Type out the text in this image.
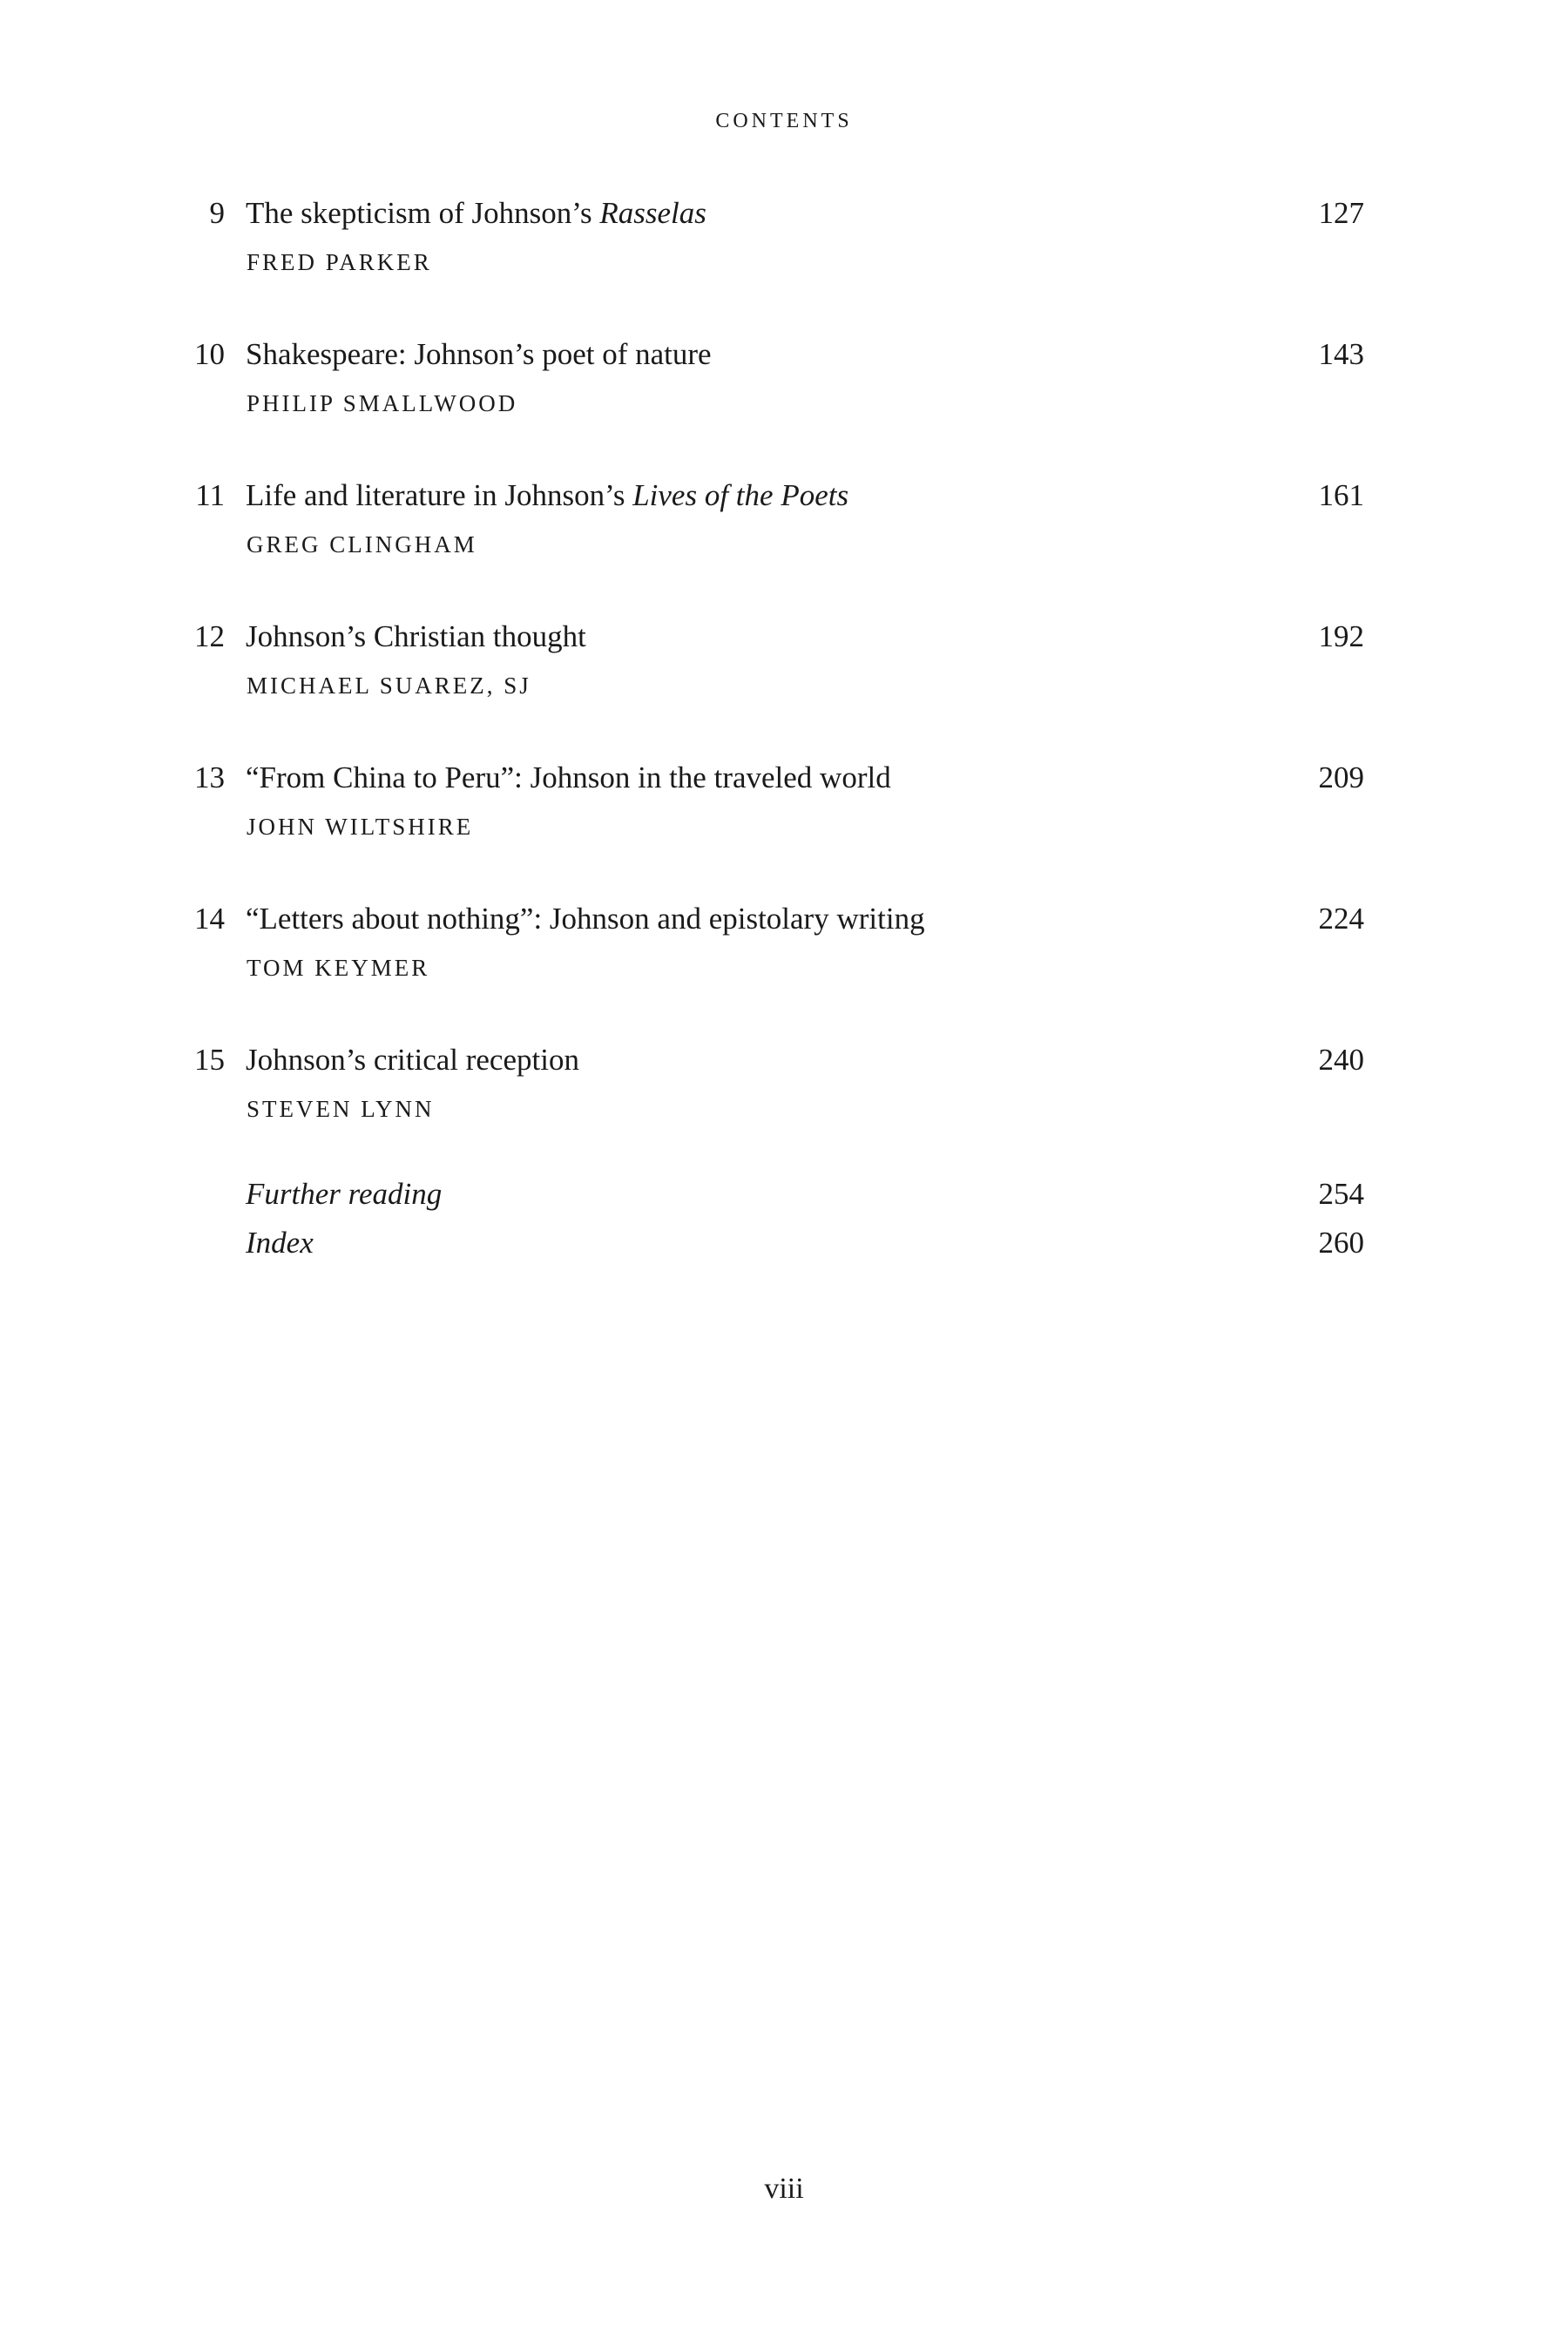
CONTENTS
9 The skepticism of Johnson’s Rasselas
FRED PARKER
127
10 Shakespeare: Johnson’s poet of nature
PHILIP SMALLWOOD
143
11 Life and literature in Johnson’s Lives of the Poets
GREG CLINGHAM
161
12 Johnson’s Christian thought
MICHAEL SUAREZ, SJ
192
13 “From China to Peru”: Johnson in the traveled world
JOHN WILTSHIRE
209
14 “Letters about nothing”: Johnson and epistolary writing
TOM KEYMER
224
15 Johnson’s critical reception
STEVEN LYNN
240
Further reading	254
Index	260
viii
